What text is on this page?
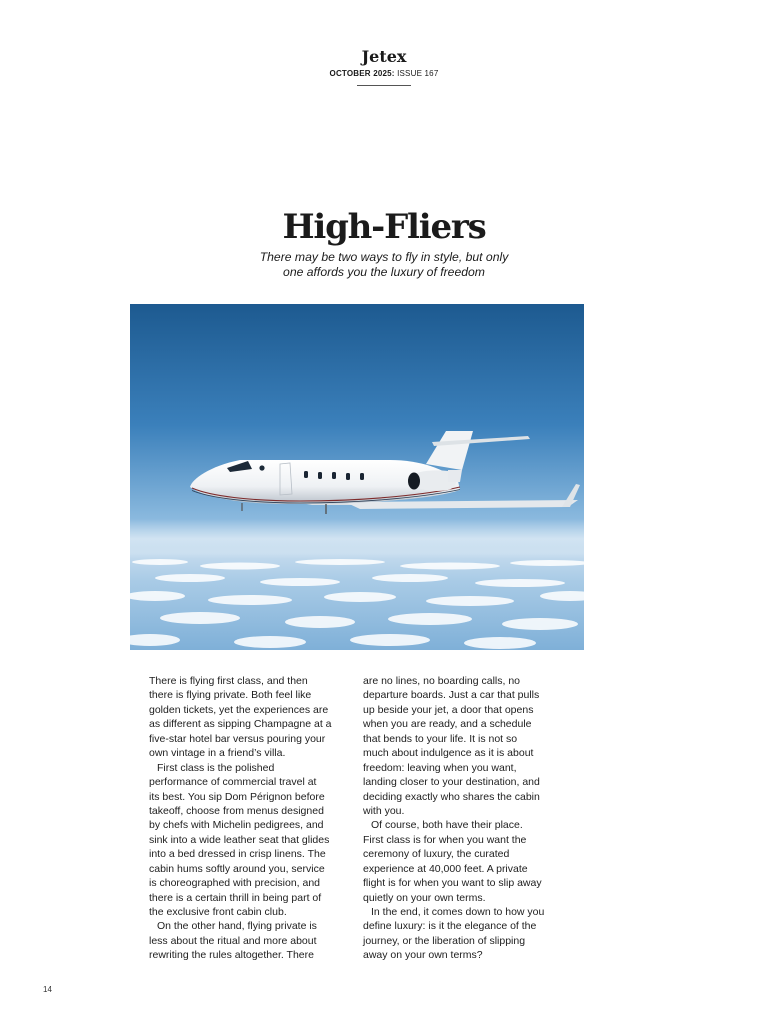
Jetex
OCTOBER 2025: ISSUE 167
High-Fliers
There may be two ways to fly in style, but only
one affords you the luxury of freedom
There is flying first class, and then
there is flying private. Both feel like
golden tickets, yet the experiences are
as different as sipping Champagne at a
five-star hotel bar versus pouring your
own vintage in a friend’s villa.
First class is the polished
performance of commercial travel at
its best. You sip Dom Pérignon before
takeoff, choose from menus designed
by chefs with Michelin pedigrees, and
sink into a wide leather seat that glides
into a bed dressed in crisp linens. The
cabin hums softly around you, service
is choreographed with precision, and
there is a certain thrill in being part of
the exclusive front cabin club.
On the other hand, flying private is
less about the ritual and more about
rewriting the rules altogether. There
are no lines, no boarding calls, no
departure boards. Just a car that pulls
up beside your jet, a door that opens
when you are ready, and a schedule
that bends to your life. It is not so
much about indulgence as it is about
freedom: leaving when you want,
landing closer to your destination, and
deciding exactly who shares the cabin
with you.
Of course, both have their place.
First class is for when you want the
ceremony of luxury, the curated
experience at 40,000 feet. A private
flight is for when you want to slip away
quietly on your own terms.
In the end, it comes down to how you
define luxury: is it the elegance of the
journey, or the liberation of slipping
away on your own terms?
14
